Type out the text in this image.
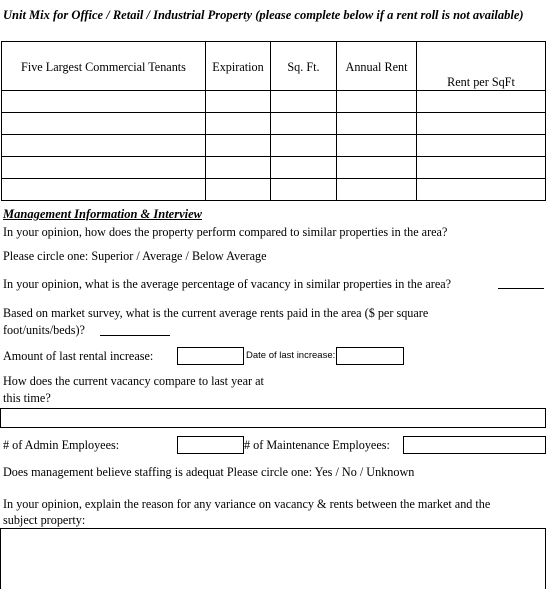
Unit Mix for Office / Retail / Industrial Property (please complete below if a rent roll is not available)
Five Largest Commercial Tenants	Expiration	Sq. Ft.	Annual Rent	Rent per SqFt

Management Information & Interview
In your opinion, how does the property perform compared to similar properties in the area?
Please circle one: Superior / Average / Below Average
In your opinion, what is the average percentage of vacancy in similar properties in the area?
Based on market survey, what is the current average rents paid in the area ($ per square
foot/units/beds)?
Amount of last rental increase:	Date of last increase:
How does the current vacancy compare to last year at
this time?
# of Admin Employees:	# of Maintenance Employees:
Does management believe staffing is adequat Please circle one: Yes / No / Unknown
In your opinion, explain the reason for any variance on vacancy & rents between the market and the
subject property:
